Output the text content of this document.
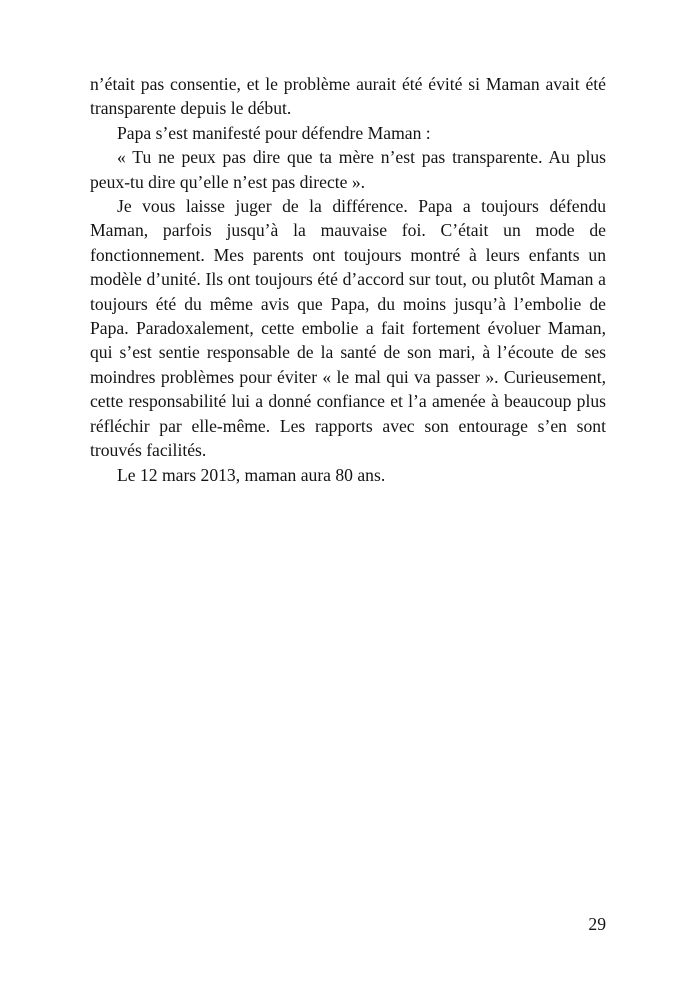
n’était pas consentie, et le problème aurait été évité si Maman avait été transparente depuis le début.

Papa s’est manifesté pour défendre Maman :

« Tu ne peux pas dire que ta mère n’est pas transparente. Au plus peux-tu dire qu’elle n’est pas directe ».

Je vous laisse juger de la différence. Papa a toujours défendu Maman, parfois jusqu’à la mauvaise foi. C’était un mode de fonctionnement. Mes parents ont toujours montré à leurs enfants un modèle d’unité. Ils ont toujours été d’accord sur tout, ou plutôt Maman a toujours été du même avis que Papa, du moins jusqu’à l’embolie de Papa. Paradoxalement, cette embolie a fait fortement évoluer Maman, qui s’est sentie responsable de la santé de son mari, à l’écoute de ses moindres problèmes pour éviter « le mal qui va passer ». Curieusement, cette responsabilité lui a donné confiance et l’a amenée à beaucoup plus réfléchir par elle-même. Les rapports avec son entourage s’en sont trouvés facilités.

Le 12 mars 2013, maman aura 80 ans.

29
